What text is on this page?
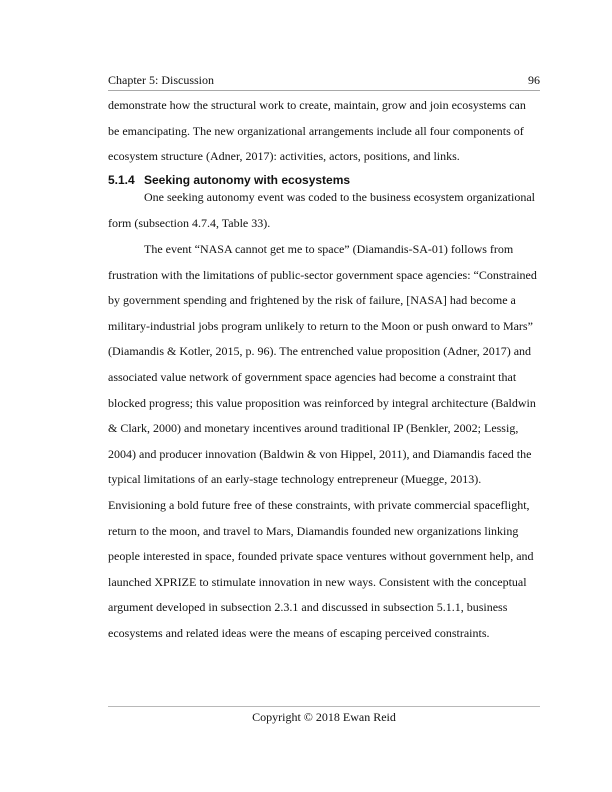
Chapter 5: Discussion	96
demonstrate how the structural work to create, maintain, grow and join ecosystems can
be emancipating. The new organizational arrangements include all four components of
ecosystem structure (Adner, 2017): activities, actors, positions, and links.
5.1.4 Seeking autonomy with ecosystems
One seeking autonomy event was coded to the business ecosystem organizational
form (subsection 4.7.4, Table 33).
The event “NASA cannot get me to space” (Diamandis-SA-01) follows from
frustration with the limitations of public-sector government space agencies: “Constrained
by government spending and frightened by the risk of failure, [NASA] had become a
military-industrial jobs program unlikely to return to the Moon or push onward to Mars”
(Diamandis & Kotler, 2015, p. 96). The entrenched value proposition (Adner, 2017) and
associated value network of government space agencies had become a constraint that
blocked progress; this value proposition was reinforced by integral architecture (Baldwin
& Clark, 2000) and monetary incentives around traditional IP (Benkler, 2002; Lessig,
2004) and producer innovation (Baldwin & von Hippel, 2011), and Diamandis faced the
typical limitations of an early-stage technology entrepreneur (Muegge, 2013).
Envisioning a bold future free of these constraints, with private commercial spaceflight,
return to the moon, and travel to Mars, Diamandis founded new organizations linking
people interested in space, founded private space ventures without government help, and
launched XPRIZE to stimulate innovation in new ways. Consistent with the conceptual
argument developed in subsection 2.3.1 and discussed in subsection 5.1.1, business
ecosystems and related ideas were the means of escaping perceived constraints.
Copyright © 2018 Ewan Reid
